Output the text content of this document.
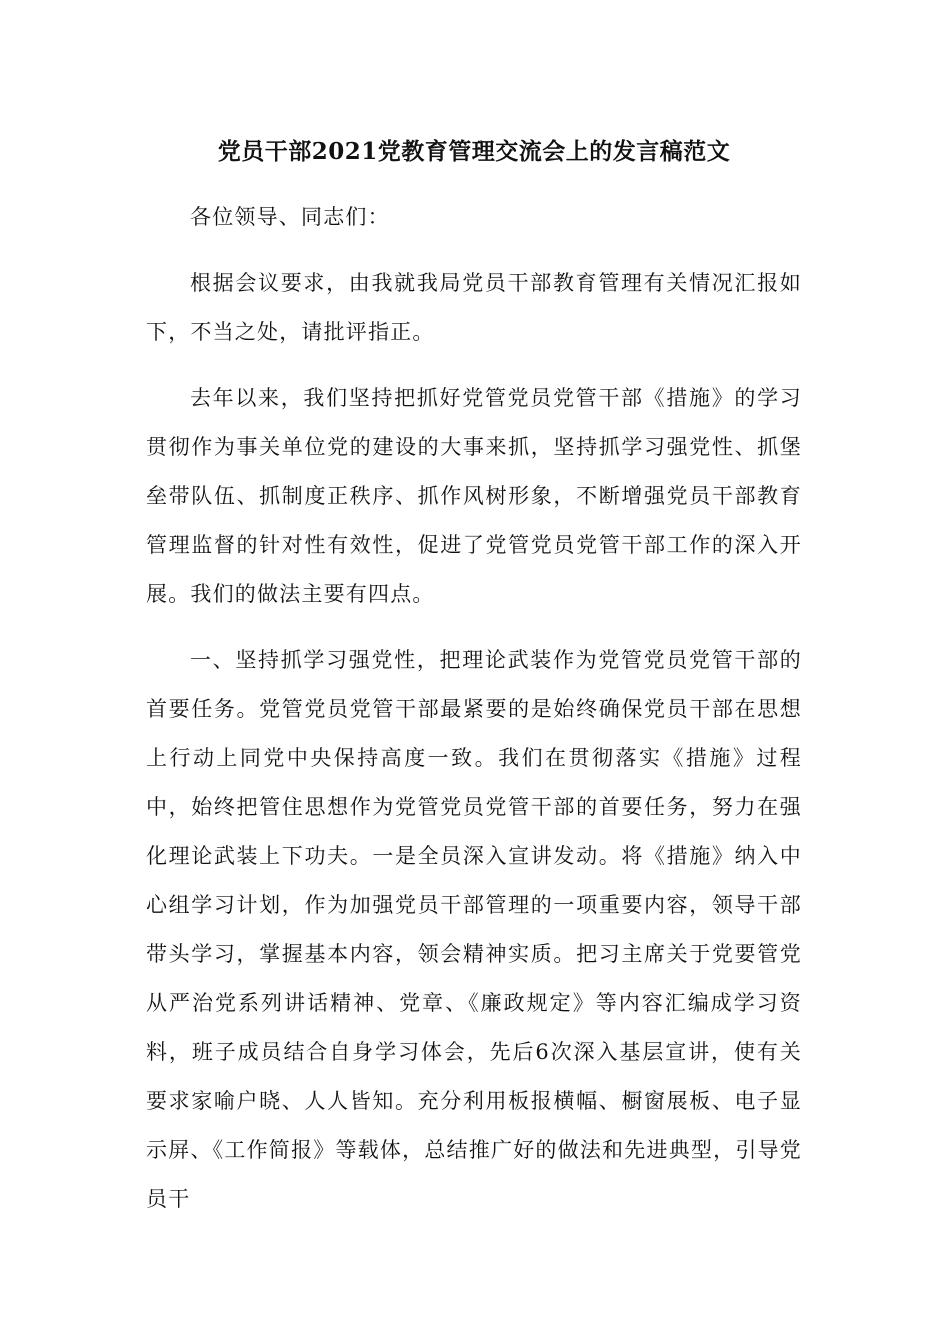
党员干部2021党教育管理交流会上的发言稿范文

各位领导、同志们：

根据会议要求，由我就我局党员干部教育管理有关情况汇报如下，不当之处，请批评指正。

去年以来，我们坚持把抓好党管党员党管干部《措施》的学习贯彻作为事关单位党的建设的大事来抓，坚持抓学习强党性、抓堡垒带队伍、抓制度正秩序、抓作风树形象，不断增强党员干部教育管理监督的针对性有效性，促进了党管党员党管干部工作的深入开展。我们的做法主要有四点。

一、坚持抓学习强党性，把理论武装作为党管党员党管干部的首要任务。党管党员党管干部最紧要的是始终确保党员干部在思想上行动上同党中央保持高度一致。我们在贯彻落实《措施》过程中，始终把管住思想作为党管党员党管干部的首要任务，努力在强化理论武装上下功夫。一是全员深入宣讲发动。将《措施》纳入中心组学习计划，作为加强党员干部管理的一项重要内容，领导干部带头学习，掌握基本内容，领会精神实质。把习主席关于党要管党从严治党系列讲话精神、党章、《廉政规定》等内容汇编成学习资料，班子成员结合自身学习体会，先后6次深入基层宣讲，使有关要求家喻户晓、人人皆知。充分利用板报横幅、橱窗展板、电子显示屏、《工作简报》等载体，总结推广好的做法和先进典型，引导党员干
